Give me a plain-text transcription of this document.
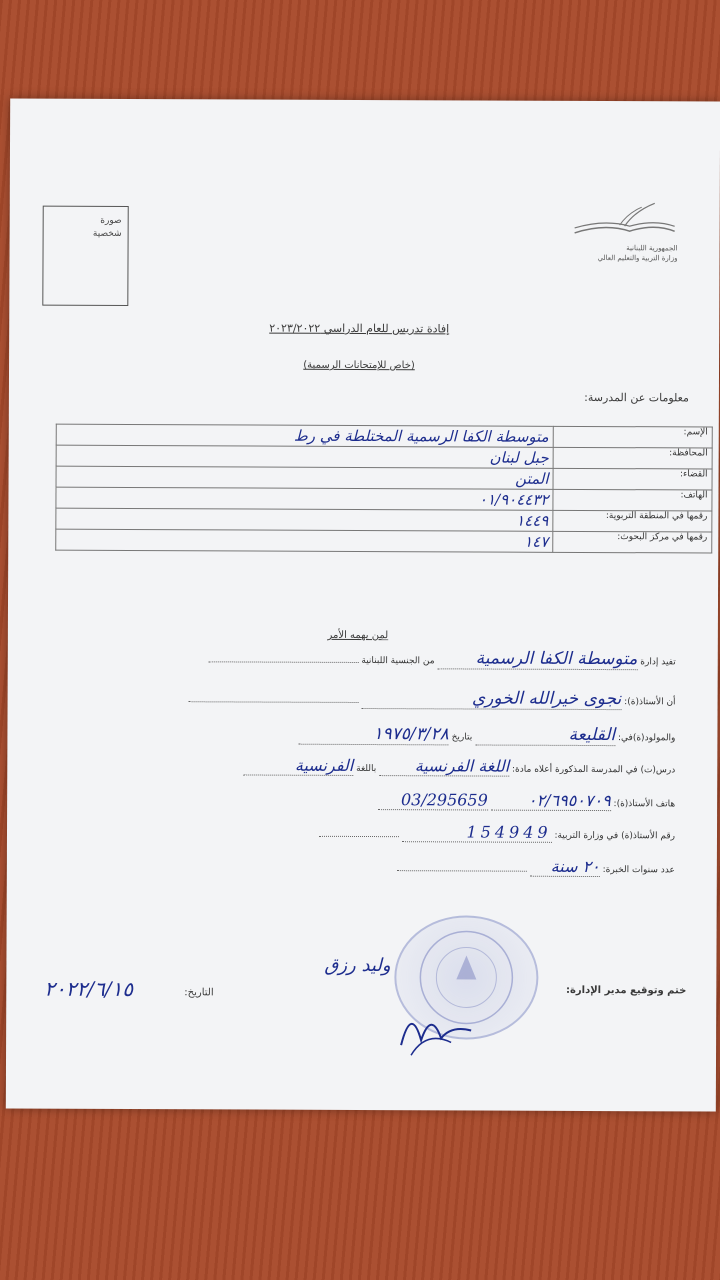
صورة
شخصية
الجمهورية اللبنانية
وزارة التربية والتعليم العالي
إفادة تدريس للعام الدراسي ٢٠٢٣/٢٠٢٢
(خاص للإمتحانات الرسمية)
معلومات عن المدرسة:
الإسم:	متوسطة الكفا الرسمية المختلطة في رط
المحافظة:	جبل لبنان
القضاء:	المتن
الهاتف:	٠١/٩٠٤٤٣٢
رقمها في المنطقة التربوية:	١٤٤٩
رقمها في مركز البحوث:	١٤٧
لمن يهمه الأمر
تفيد إدارة متوسطة الكفا الرسمية من الجنسية اللبنانية
أن الأستاذ(ة): نجوى خيرالله الخوري
والمولود(ة)في: القليعة بتاريخ ١٩٧٥/٣/٢٨
درس(ت) في المدرسة المذكورة أعلاه مادة: اللغة الفرنسية باللغة الفرنسية
هاتف الأستاذ(ة): ٠٢/٦٩٥٠٧٠٩ 03/295659
رقم الأستاذ(ة) في وزارة التربية: 154949
عدد سنوات الخبرة: ٢٠ سنة
ولید رزق
ختم وتوقيع مدير الإدارة:
التاريخ:
٢٠٢٢/٦/١٥
